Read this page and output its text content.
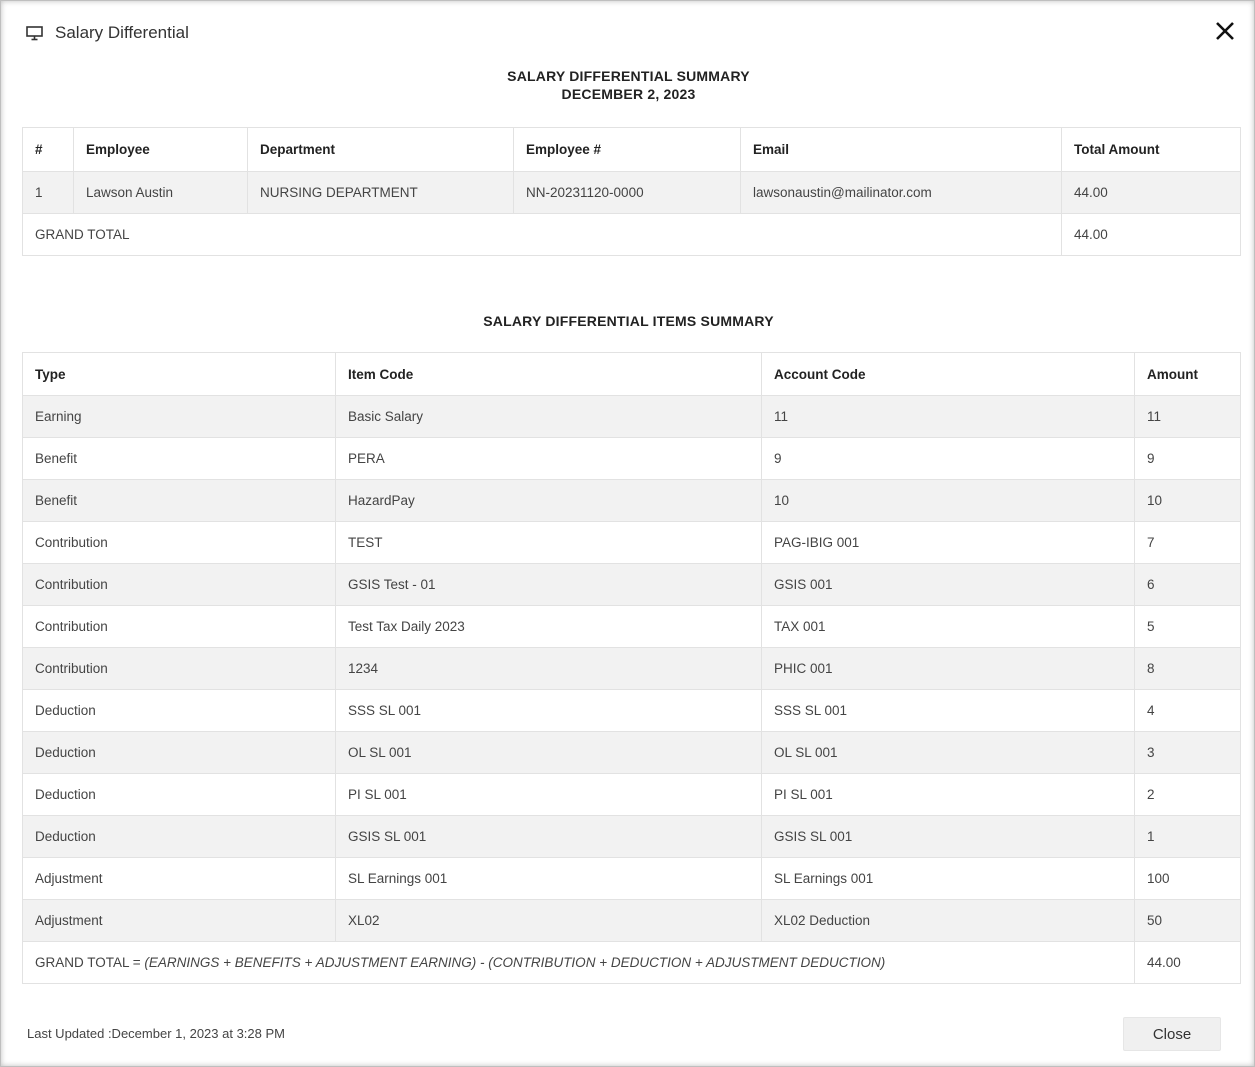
Salary Differential
SALARY DIFFERENTIAL SUMMARY
DECEMBER 2, 2023
#	Employee	Department	Employee #	Email	Total Amount
1	Lawson Austin	NURSING DEPARTMENT	NN-20231120-0000	lawsonaustin@mailinator.com	44.00
GRAND TOTAL					44.00
SALARY DIFFERENTIAL ITEMS SUMMARY
Type	Item Code	Account Code	Amount
Earning	Basic Salary	11	11
Benefit	PERA	9	9
Benefit	HazardPay	10	10
Contribution	TEST	PAG-IBIG 001	7
Contribution	GSIS Test - 01	GSIS 001	6
Contribution	Test Tax Daily 2023	TAX 001	5
Contribution	1234	PHIC 001	8
Deduction	SSS SL 001	SSS SL 001	4
Deduction	OL SL 001	OL SL 001	3
Deduction	PI SL 001	PI SL 001	2
Deduction	GSIS SL 001	GSIS SL 001	1
Adjustment	SL Earnings 001	SL Earnings 001	100
Adjustment	XL02	XL02 Deduction	50
GRAND TOTAL = (EARNINGS + BENEFITS + ADJUSTMENT EARNING) - (CONTRIBUTION + DEDUCTION + ADJUSTMENT DEDUCTION)			44.00
Last Updated :December 1, 2023 at 3:28 PM	Close
